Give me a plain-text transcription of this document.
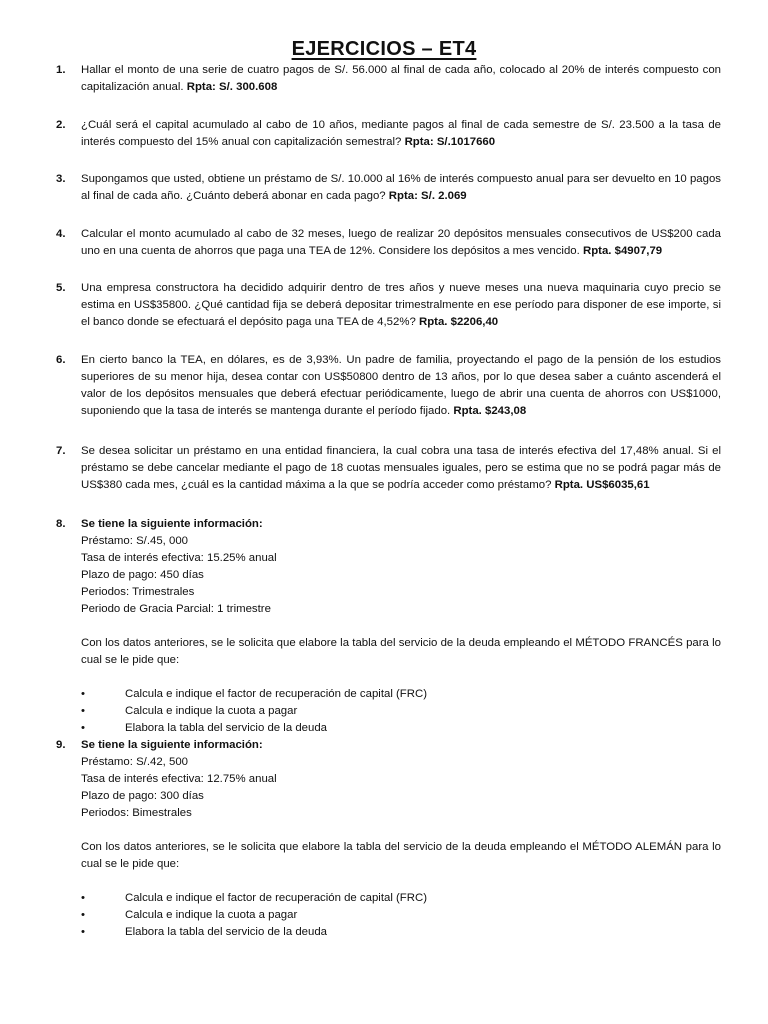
EJERCICIOS – ET4
1.	Hallar el monto de una serie de cuatro pagos de S/. 56.000 al final de cada año, colocado al 20% de interés compuesto con capitalización anual. Rpta: S/. 300.608

2.	¿Cuál será el capital acumulado al cabo de 10 años, mediante pagos al final de cada semestre de S/. 23.500 a la tasa de interés compuesto del 15% anual con capitalización semestral? Rpta: S/.1017660

3.	Supongamos que usted, obtiene un préstamo de S/. 10.000 al 16% de interés compuesto anual para ser devuelto en 10 pagos al final de cada año. ¿Cuánto deberá abonar en cada pago? Rpta: S/. 2.069

4.	Calcular el monto acumulado al cabo de 32 meses, luego de realizar 20 depósitos mensuales consecutivos de US$200 cada uno en una cuenta de ahorros que paga una TEA de 12%. Considere los depósitos a mes vencido. Rpta. $4907,79

5.	Una empresa constructora ha decidido adquirir dentro de tres años y nueve meses una nueva maquinaria cuyo precio se estima en US$35800. ¿Qué cantidad fija se deberá depositar trimestralmente en ese período para disponer de ese importe, si el banco donde se efectuará el depósito paga una TEA de 4,52%? Rpta. $2206,40

6.	En cierto banco la TEA, en dólares, es de 3,93%. Un padre de familia, proyectando el pago de la pensión de los estudios superiores de su menor hija, desea contar con US$50800 dentro de 13 años, por lo que desea saber a cuánto ascenderá el valor de los depósitos mensuales que deberá efectuar periódicamente, luego de abrir una cuenta de ahorros con US$1000, suponiendo que la tasa de interés se mantenga durante el período fijado. Rpta. $243,08

7.	Se desea solicitar un préstamo en una entidad financiera, la cual cobra una tasa de interés efectiva del 17,48% anual. Si el préstamo se debe cancelar mediante el pago de 18 cuotas mensuales iguales, pero se estima que no se podrá pagar más de US$380 cada mes, ¿cuál es la cantidad máxima a la que se podría acceder como préstamo? Rpta. US$6035,61

8.	Se tiene la siguiente información:
Préstamo: S/.45, 000
Tasa de interés efectiva: 15.25% anual
Plazo de pago: 450 días
Periodos: Trimestrales
Periodo de Gracia Parcial: 1 trimestre

Con los datos anteriores, se le solicita que elabore la tabla del servicio de la deuda empleando el MÉTODO FRANCÉS para lo cual se le pide que:

•	Calcula e indique el factor de recuperación de capital (FRC)
•	Calcula e indique la cuota a pagar
•	Elabora la tabla del servicio de la deuda
9.	Se tiene la siguiente información:
Préstamo: S/.42, 500
Tasa de interés efectiva: 12.75% anual
Plazo de pago: 300 días
Periodos: Bimestrales

Con los datos anteriores, se le solicita que elabore la tabla del servicio de la deuda empleando el MÉTODO ALEMÁN para lo cual se le pide que:

•	Calcula e indique el factor de recuperación de capital (FRC)
•	Calcula e indique la cuota a pagar
•	Elabora la tabla del servicio de la deuda
